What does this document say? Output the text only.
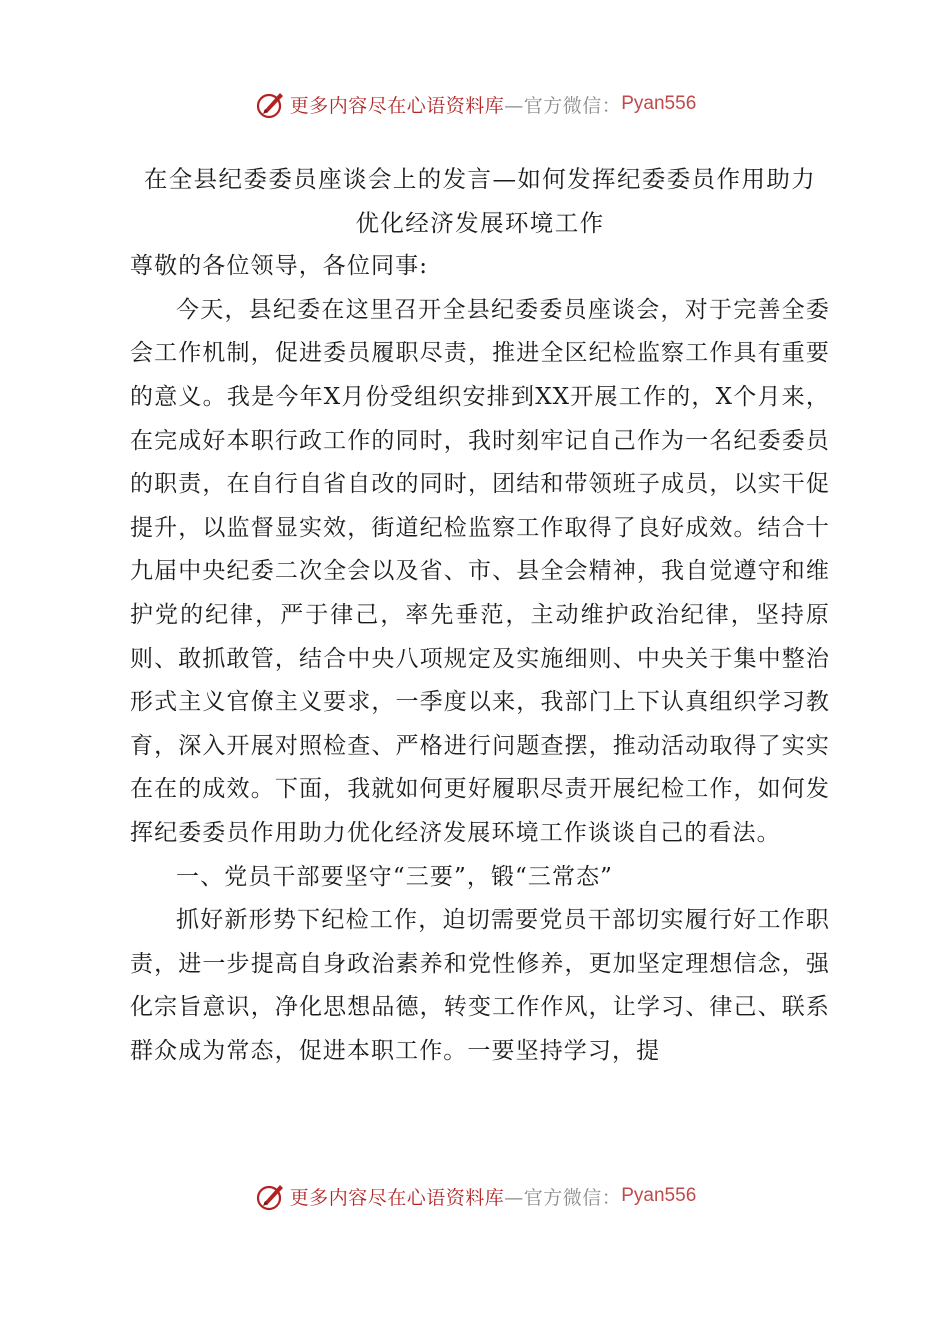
更多内容尽在心语资料库 —官方微信： Pyan556
在全县纪委委员座谈会上的发言—如何发挥纪委委员作用助力
优化经济发展环境工作

尊敬的各位领导，各位同事:

今天，县纪委在这里召开全县纪委委员座谈会，对于完善全委会工作机制，促进委员履职尽责，推进全区纪检监察工作具有重要的意义。我是今年X月份受组织安排到XX开展工作的，X个月来，在完成好本职行政工作的同时，我时刻牢记自己作为一名纪委委员的职责，在自行自省自改的同时，团结和带领班子成员，以实干促提升，以监督显实效，街道纪检监察工作取得了良好成效。结合十九届中央纪委二次全会以及省、市、县全会精神，我自觉遵守和维护党的纪律，严于律己，率先垂范，主动维护政治纪律，坚持原则、敢抓敢管，结合中央八项规定及实施细则、中央关于集中整治形式主义官僚主义要求，一季度以来，我部门上下认真组织学习教育，深入开展对照检查、严格进行问题查摆，推动活动取得了实实在在的成效。下面，我就如何更好履职尽责开展纪检工作，如何发挥纪委委员作用助力优化经济发展环境工作谈谈自己的看法。

一、党员干部要坚守“三要”，锻“三常态”

抓好新形势下纪检工作，迫切需要党员干部切实履行好工作职责，进一步提高自身政治素养和党性修养，更加坚定理想信念，强化宗旨意识，净化思想品德，转变工作作风，让学习、律己、联系群众成为常态，促进本职工作。一要坚持学习，提

更多内容尽在心语资料库 —官方微信： Pyan556
